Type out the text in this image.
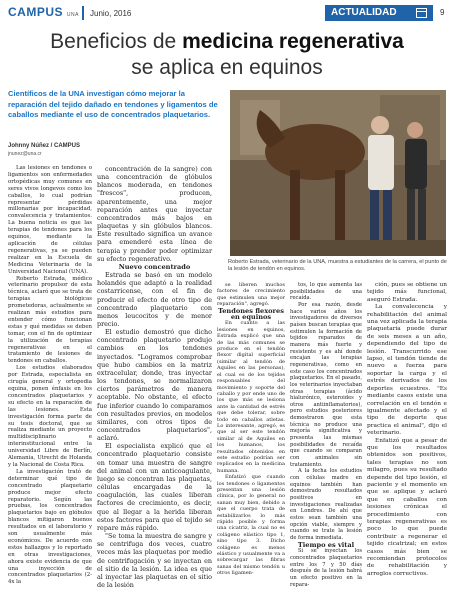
CAMPUS UNA Junio, 2016	ACTUALIDAD	9
Beneficios de medicina regenerativa
se aplica en equinos
Científicos de la UNA investigan cómo mejorar la reparación del tejido dañado en tendones y ligamentos de caballos mediante el uso de concentrados plaquetarios.
Johnny Núñez / CAMPUS
jnunez@una.cr
Roberto Estrada, veterinario de la UNA, muestra a estudiantes de la carrera, el punto de la lesión de tendón en equinos.

Las lesiones en tendones o ligamentos son enfermedades ortopédicas muy comunes en seres vivos longevos como los caballos, lo cual podrían representar pérdidas millonarias por incapacidad, convalecencia y tratamientos. La buena noticia es que las terapias de tendones para los equinos, mediante la aplicación de células regenerativas, ya se pueden realizar en la Escuela de Medicina Veterinaria de la Universidad Nacional (UNA).

Roberto Estrada, médico veterinario propulsor de esta técnica, aclaró que se trata de terapias biológicas prometedoras, actualmente se realizan más estudios para entender cómo funcionan estas y qué medidas se deben tomar, con el fin de optimizar la utilización de terapias regenerativas en el tratamiento de lesiones de tendones en caballos.

Los estudios elaborados por Estrada, especialista en cirugía general y ortopedia equina, ponen énfasis en los concentrados plaquetarios y su efecto en la reparación de las lesiones. Esta investigación forma parte de su tesis doctoral, que se realiza mediante un proyecto multidisciplinario e interinstitucional entre la universidad Libre de Berlín, Alemania, Utrecht de Holanda y la Nacional de Costa Rica.

La investigación trató de determinar qué tipo de concentrado plaquetario produce mejor efecto reparatorio. Según las pruebas, los concentrados plaquetarios bajo en glóbulos blancos mitigaron buenos resultados en el laboratorio y son usualmente más económicos. De acuerdo con estos hallazgos y lo reportado en otras investigaciones, ahora existe evidencia de que una inyección de concentrados plaquetarios (2-4x la

concentración de la sangre) con una concentración de glóbulos blancos moderada, en tendones "frescos", producen, aparentemente, una mejor reparación antes que inyectar concentrados más bajos en plaquetas y sin glóbulos blancos. Este resultado significa un avance para emenderé esta línea de terapia y prender poder optimizar su efecto regenerativo.

Nuevo concentrado

Estrada se basó en un modelo holandés que adaptó a la realidad costarricense, con el fin de producir el efecto de otro tipo de concentrado plaquetario con menos leucocitos y de menor precio.

El estudio demostró que dicho concentrado plaquetario produjo cambios en los tendones inyectados. "Logramos comprobar que hubo cambios en la matriz extracelular, donde, tras inyectar los tendones, se normalizaron ciertos parámetros de manera aceptable. No obstante, el efecto fue inferior cuando lo comparamos con resultados previos, en modelos similares, con otros tipos de concentrados plaquetarios", aclaró.

El especialista explicó que el concentrado plaquetario consiste en tomar una muestra de sangre del animal con un anticoagulante, luego se concentran las plaquetas, células encargadas de la coagulación, las cuales liberan factores de crecimiento, es decir, que al llegar a la herida liberan estos factores para que el tejido se repare más rápido.

"Se toma la muestra de sangre y se centrifuga dos veces, cuatro veces más las plaquetas por medio de centrifugación y se inyectan en el sitio de la lesión. La idea es que al inyectar las plaquetas en el sitio de la lesión

se liberen muchos factores de crecimiento que estimulen una mejor reparación", agregó.

Tendones flexores en equinos

En cuanto a las lesiones en equinos, Estrada explicó que una de las más comunes se produce en el tendón flexor digital superficial (similar al tendón de Aquiles en las personas), el cual es de los tejidos responsables del movimiento y soporte del caballo y por ende uno de los que más se lesiona ante la cantidad de estrés que debe tolerar, sobre todo en caballos atletas. Lo interesante, agregó, es que al ser este tendón similar al de Aquiles en los humanos, los resultados obtenidos en este estudio podrían ser replicados en la medicina humana.

Enfatizó que cuando los tendones o ligamentos presentan una lesión clínica, por lo general no sanan muy bien, debido a que el cuerpo trata de estabilizarlos lo más rápido posible y forma una cicatriz, la cual no es colágeno elástico tipo 1, sino tipo 3. Dicho colágeno es menos elástico y usualmente va a sobrecargar las fibras sanas del mismo tendón u otros ligamen-

tos, lo que aumenta las posibilidades de una recaída.

Por esa razón, desde hace varios años los investigadores de diversos países buscan terapias que estimulen la formación de tejidos reparados de manera más fuerte y resistente y es ahí donde encajan las terapias regenerativas, como en este caso los concentrados plaquetarios. En el pasado, los veterinarios inyectaban otras terapias (ácido hialurónico, esteroides y otros antiinflamatorios), pero estudios posteriores demostraron que esta técnica no produce una mejoría significativa y presenta las mismas posibilidades de recaída que cuando se comparan con animales sin tratamiento.

A la fecha los estudios con células madre en equinos también han demostrado resultados positivos en investigaciones realizadas en Londres. De ahí que estos sean también una opción viable, siempre y cuando se trate la lesión de forma inmediata.

Tiempo es vital

Si se inyectan los concentrados plaquetarios entre los 7 y 50 días después de la lesión habrá un efecto positivo en la repara-

ción, pues se obtiene un tejido más funcional, aseguró Estrada.

La convalecencia y rehabilitación del animal una vez aplicada la terapia plaquetaria puede durar de seis meses a un año, dependiendo del tipo de lesión. Transcurrido ese lapso, el tendón tiende de nuevo a fuerza para soportar la carga y el estrés derivados de los deportes ecuestres. "Es mediante casos existe una correlación en el tendón e igualmente afectado y el tipo de deporte que practica el animal", dijo el veterinario.

Enfatizó que a pesar de que los resultados obtenidos son positivos, tales terapias no son milagro, pues su resultado depende del tipo lesión, el paciente y el momento en que se aplique y aclaró que en caballos con lesiones crónicas el procedimiento con terapias regenerativas es poco lo que puede contribuir a regenerar el tejido cicatrizal; en estos casos más bien se recomiendan protocolos de rehabilitación y arreglos correctivos.
